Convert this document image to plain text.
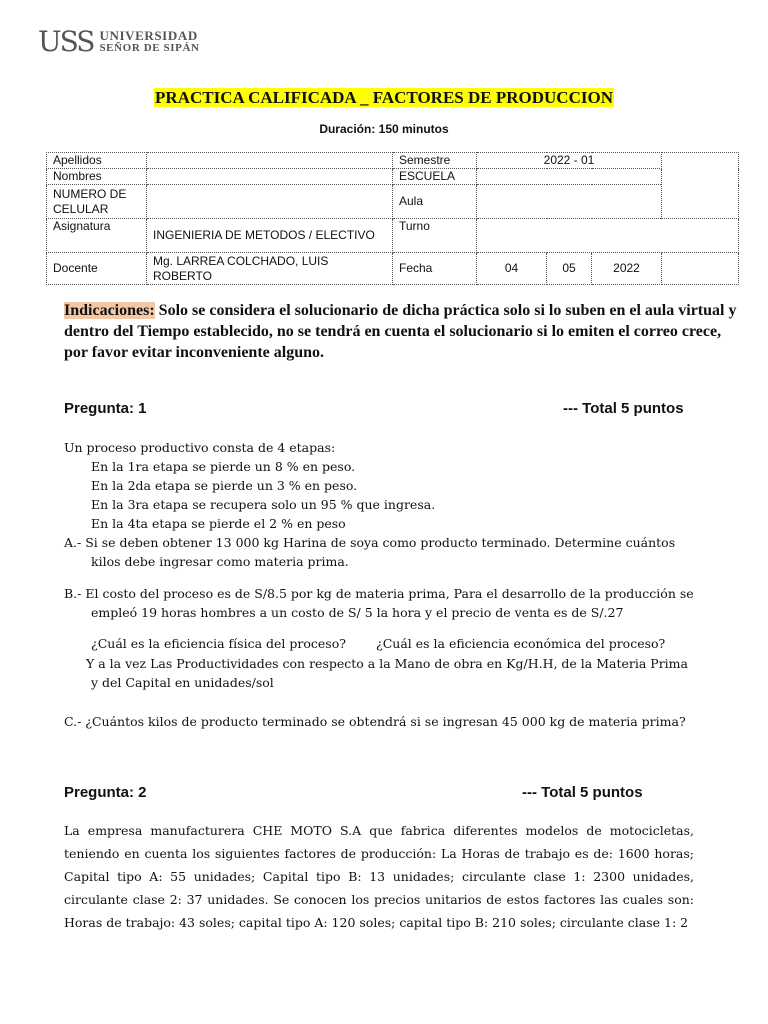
USS UNIVERSIDAD
SEÑOR DE SIPÁN
PRACTICA CALIFICADA _ FACTORES DE PRODUCCION
Duración: 150 minutos
Apellidos		Semestre	2022 - 01			
Nombres		ESCUELA				
NUMERO DE CELULAR		Aula				
Asignatura	INGENIERIA DE METODOS / ELECTIVO	Turno				
Docente	Mg. LARREA COLCHADO, LUIS ROBERTO	Fecha	04	05	2022	
Indicaciones: Solo se considera el solucionario de dicha práctica solo si lo suben en el aula virtual y dentro del Tiempo establecido, no se tendrá en cuenta el solucionario si lo emiten el correo crece, por favor evitar inconveniente alguno.
Pregunta: 1	--- Total 5 puntos
Un proceso productivo consta de 4 etapas:
En la 1ra etapa se pierde un 8 % en peso.
En la 2da etapa se pierde un 3 % en peso.
En la 3ra etapa se recupera solo un 95 % que ingresa.
En la 4ta etapa se pierde el 2 % en peso
A.- Si se deben obtener 13 000 kg Harina de soya como producto terminado. Determine cuántos
kilos debe ingresar como materia prima.
B.- El costo del proceso es de S/8.5 por kg de materia prima, Para el desarrollo de la producción se
empleó 19 horas hombres a un costo de S/ 5 la hora y el precio de venta es de S/.27
¿Cuál es la eficiencia física del proceso? ¿Cuál es la eficiencia económica del proceso?
Y a la vez Las Productividades con respecto a la Mano de obra en Kg/H.H, de la Materia Prima
y del Capital en unidades/sol
C.- ¿Cuántos kilos de producto terminado se obtendrá si se ingresan 45 000 kg de materia prima?
Pregunta: 2	--- Total 5 puntos
La empresa manufacturera CHE MOTO S.A que fabrica diferentes modelos de motocicletas, teniendo en cuenta los siguientes factores de producción: La Horas de trabajo es de: 1600 horas; Capital tipo A: 55 unidades; Capital tipo B: 13 unidades; circulante clase 1: 2300 unidades, circulante clase 2: 37 unidades. Se conocen los precios unitarios de estos factores las cuales son: Horas de trabajo: 43 soles; capital tipo A: 120 soles; capital tipo B: 210 soles; circulante clase 1: 2
